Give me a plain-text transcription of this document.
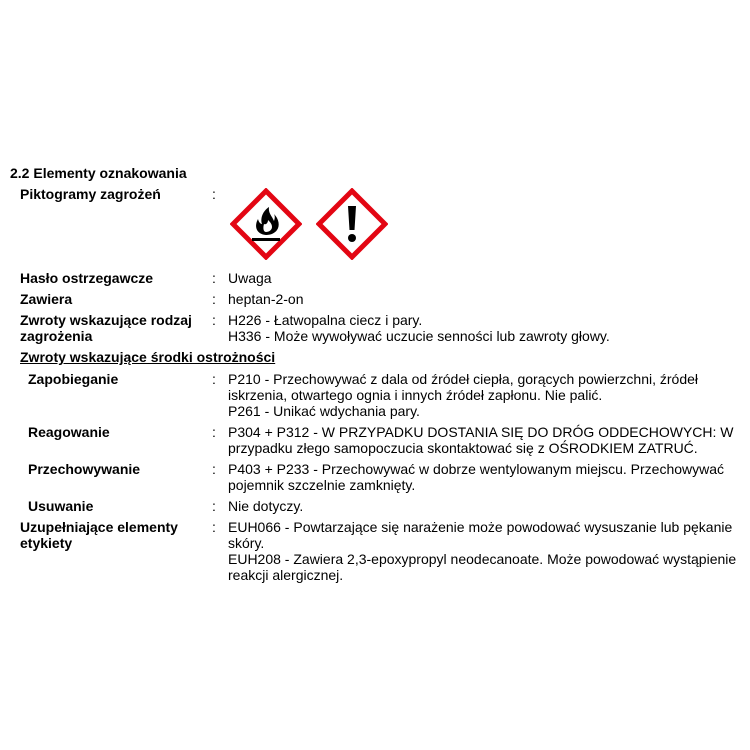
2.2 Elementy oznakowania
Piktogramy zagrożeń	:

Hasło ostrzegawcze	: Uwaga
Zawiera	: heptan-2-on
Zwroty wskazujące rodzaj
zagrożenia
: H226 - Łatwopalna ciecz i pary.
H336 - Może wywoływać uczucie senności lub zawroty głowy.
Zwroty wskazujące środki ostrożności
Zapobieganie	: P210 - Przechowywać z dala od źródeł ciepła, gorących powierzchni, źródeł
iskrzenia, otwartego ognia i innych źródeł zapłonu. Nie palić.
P261 - Unikać wdychania pary.
Reagowanie	: P304 + P312 - W PRZYPADKU DOSTANIA SIĘ DO DRÓG ODDECHOWYCH: W
przypadku złego samopoczucia skontaktować się z OŚRODKIEM ZATRUĆ.
Przechowywanie	: P403 + P233 - Przechowywać w dobrze wentylowanym miejscu. Przechowywać
pojemnik szczelnie zamknięty.
Usuwanie	: Nie dotyczy.
Uzupełniające elementy
etykiety
: EUH066 - Powtarzające się narażenie może powodować wysuszanie lub pękanie
skóry.
EUH208 - Zawiera 2,3-epoxypropyl neodecanoate. Może powodować wystąpienie
reakcji alergicznej.
